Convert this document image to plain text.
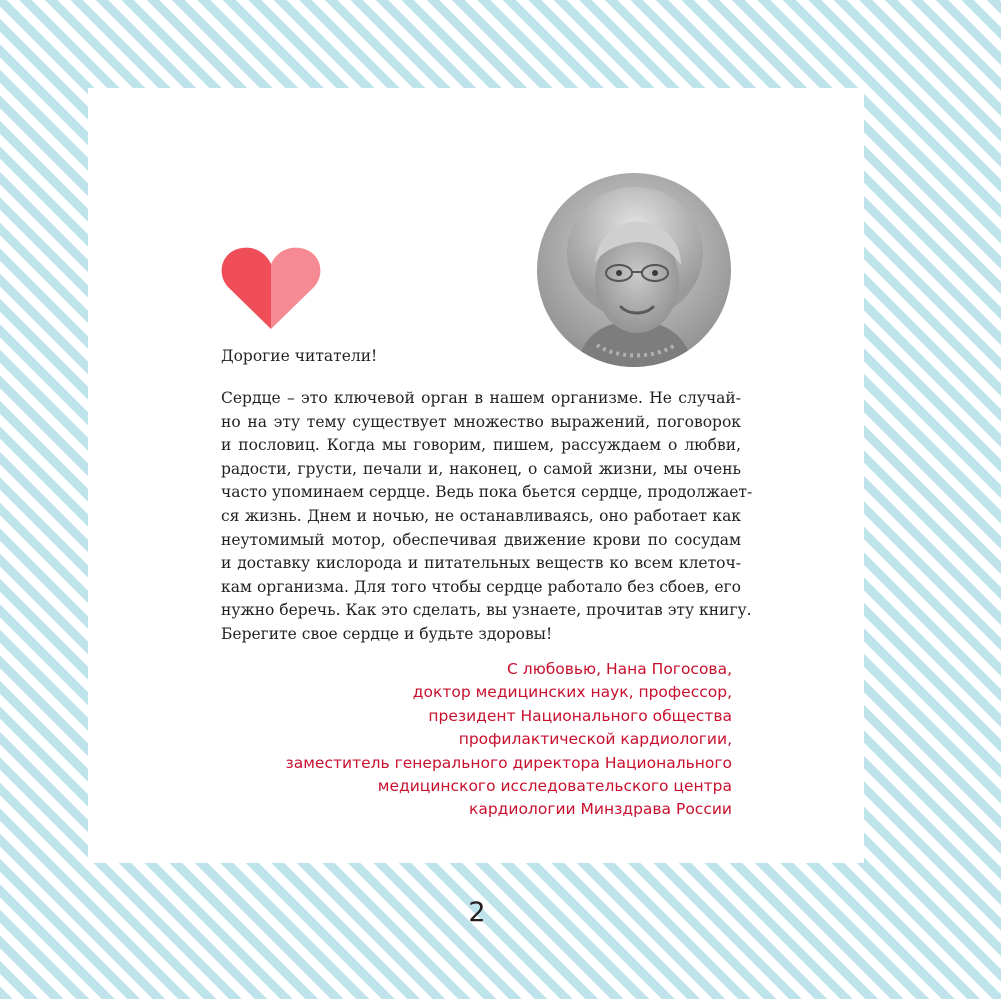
Дорогие читатели!
Сердце – это ключевой орган в нашем организме. Не случай-
но на эту тему существует множество выражений, поговорок
и пословиц. Когда мы говорим, пишем, рассуждаем о любви,
радости, грусти, печали и, наконец, о самой жизни, мы очень
часто упоминаем сердце. Ведь пока бьется сердце, продолжает-
ся жизнь. Днем и ночью, не останавливаясь, оно работает как
неутомимый мотор, обеспечивая движение крови по сосудам
и доставку кислорода и питательных веществ ко всем клеточ-
кам организма. Для того чтобы сердце работало без сбоев, его
нужно беречь. Как это сделать, вы узнаете, прочитав эту книгу.
Берегите свое сердце и будьте здоровы!
С любовью, Нана Погосова,
доктор медицинских наук, профессор,
президент Национального общества
профилактической кардиологии,
заместитель генерального директора Национального
медицинского исследовательского центра
кардиологии Минздрава России
2
